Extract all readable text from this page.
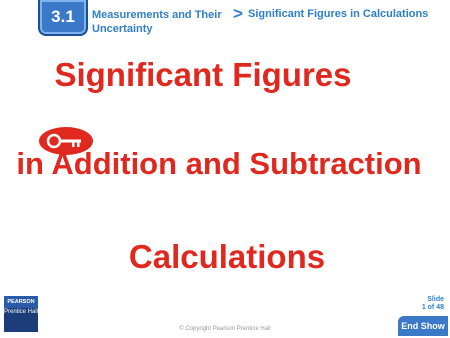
3.1	Measurements and Their Uncertainty
> Significant Figures in Calculations
Significant Figures
in Addition and Subtraction
Calculations
PEARSON
Prentice Hall
© Copyright Pearson Prentice Hall
Slide
1 of 48
End Show
